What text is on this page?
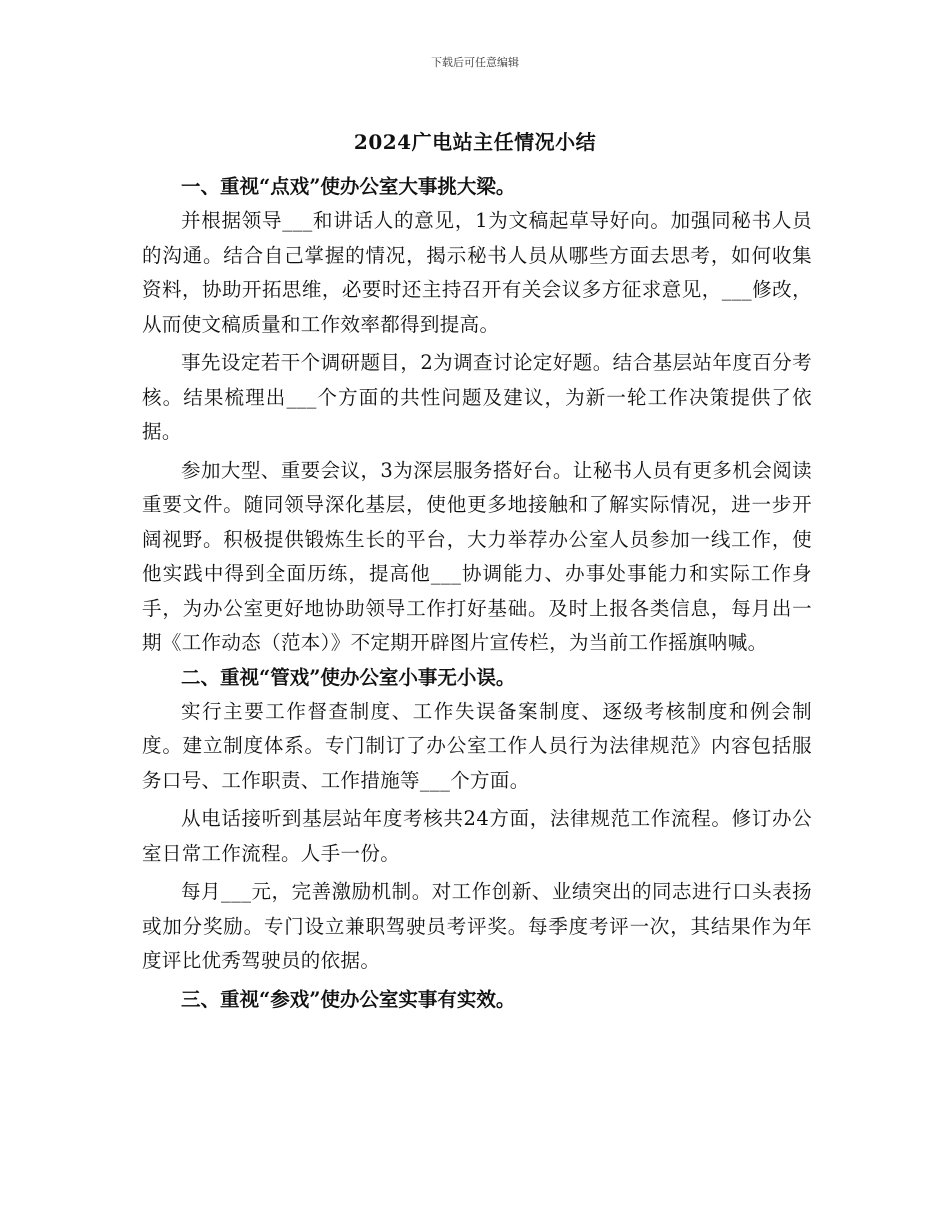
下载后可任意编辑
2024广电站主任情况小结
一、重视“点戏”使办公室大事挑大梁。

并根据领导___和讲话人的意见，1为文稿起草导好向。加强同秘书人员的沟通。结合自己掌握的情况，揭示秘书人员从哪些方面去思考，如何收集资料，协助开拓思维，必要时还主持召开有关会议多方征求意见，___修改，从而使文稿质量和工作效率都得到提高。

事先设定若干个调研题目，2为调查讨论定好题。结合基层站年度百分考核。结果梳理出___个方面的共性问题及建议，为新一轮工作决策提供了依据。

参加大型、重要会议，3为深层服务搭好台。让秘书人员有更多机会阅读重要文件。随同领导深化基层，使他更多地接触和了解实际情况，进一步开阔视野。积极提供锻炼生长的平台，大力举荐办公室人员参加一线工作，使他实践中得到全面历练，提高他___协调能力、办事处事能力和实际工作身手，为办公室更好地协助领导工作打好基础。及时上报各类信息，每月出一期《工作动态（范本）》不定期开辟图片宣传栏，为当前工作摇旗呐喊。

二、重视“管戏”使办公室小事无小误。

实行主要工作督查制度、工作失误备案制度、逐级考核制度和例会制度。建立制度体系。专门制订了办公室工作人员行为法律规范》内容包括服务口号、工作职责、工作措施等___个方面。

从电话接听到基层站年度考核共24方面，法律规范工作流程。修订办公室日常工作流程。人手一份。

每月___元，完善激励机制。对工作创新、业绩突出的同志进行口头表扬或加分奖励。专门设立兼职驾驶员考评奖。每季度考评一次，其结果作为年度评比优秀驾驶员的依据。

三、重视“参戏”使办公室实事有实效。
